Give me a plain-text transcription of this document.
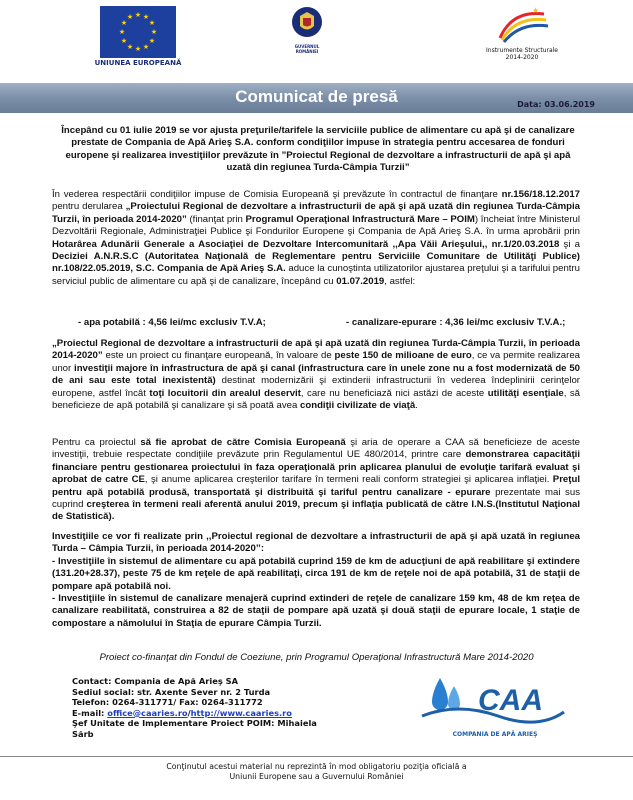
★ ★
★
★
★
★
★
★
★
★
★
★
UNIUNEA EUROPEANĂ
GUVERNUL
ROMÂNIEI
★
Instrumente Structurale
2014-2020
Comunicat de presă	Data: 03.06.2019
Începând cu 01 iulie 2019 se vor ajusta preţurile/tarifele la serviciile publice de alimentare cu apă şi de canalizare prestate de Compania de Apă Arieş S.A. conform condiţiilor impuse în strategia pentru accesarea de fonduri europene şi realizarea investiţiilor prevăzute în ”Proiectul Regional de dezvoltare a infrastructurii de apă şi apă uzată din regiunea Turda-Câmpia Turzii”
În vederea respectării condiţiilor impuse de Comisia Europeană şi prevăzute în contractul de finanţare nr.156/18.12.2017 pentru derularea „Proiectului Regional de dezvoltare a infrastructurii de apă şi apă uzată din regiunea Turda-Câmpia Turzii, în perioada 2014-2020” (finanţat prin Programul Operaţional Infrastructură Mare – POIM) încheiat între Ministerul Dezvoltării Regionale, Administraţiei Publice şi Fondurilor Europene şi Compania de Apă Arieş S.A. în urma aprobării prin Hotarârea Adunării Generale a Asociaţiei de Dezvoltare Intercomunitară ,,Apa Văii Arieşului,, nr.1/20.03.2018 şi a Deciziei A.N.R.S.C (Autoritatea Naţională de Reglementare pentru Serviciile Comunitare de Utilităţi Publice) nr.108/22.05.2019, S.C. Compania de Apă Arieş S.A. aduce la cunoştinta utilizatorilor ajustarea preţului şi a tarifului pentru serviciul public de alimentare cu apă şi de canalizare, începând cu 01.07.2019, astfel:
- apa potabilă : 4,56 lei/mc exclusiv T.V.A;	- canalizare-epurare : 4,36 lei/mc exclusiv T.V.A.;
„Proiectul Regional de dezvoltare a infrastructurii de apă şi apă uzată din regiunea Turda-Câmpia Turzii, în perioada 2014-2020” este un proiect cu finanţare europeană, în valoare de peste 150 de milioane de euro, ce va permite realizarea unor investiţii majore în infrastructura de apă şi canal (infrastructura care în unele zone nu a fost modernizată de 50 de ani sau este total inexistentă) destinat modernizării şi extinderii infrastructurii în vederea îndeplinirii cerinţelor europene, astfel încât toţi locuitorii din arealul deservit, care nu beneficiază nici astăzi de aceste utilităţi esenţiale, să beneficieze de apă potabilă şi canalizare şi să poată avea condiţii civilizate de viaţă.
Pentru ca proiectul să fie aprobat de către Comisia Europeană şi aria de operare a CAA să beneficieze de aceste investiţii, trebuie respectate condiţiile prevăzute prin Regulamentul UE 480/2014, printre care demonstrarea capacităţii financiare pentru gestionarea proiectului în faza operaţională prin aplicarea planului de evoluţie tarifară evaluat şi aprobat de catre CE, şi anume aplicarea creşterilor tarifare în termeni reali conform strategiei şi aplicarea inflaţiei. Preţul pentru apă potabilă produsă, transportată şi distribuită şi tariful pentru canalizare - epurare prezentate mai sus cuprind creşterea în termeni reali aferentă anului 2019, precum şi inflaţia publicată de către I.N.S.(Institutul Naţional de Statistică).
Investiţiile ce vor fi realizate prin ,,Proiectul regional de dezvoltare a infrastructurii de apă şi apă uzată în regiunea Turda – Câmpia Turzii, în perioada 2014-2020’’:
- Investiţiile în sistemul de alimentare cu apă potabilă cuprind 159 de km de aducţiuni de apă reabilitare şi extindere (131.20+28.37), peste 75 de km reţele de apă reabilitaţi, circa 191 de km de reţele noi de apă potabilă, 31 de staţii de pompare apă potabilă noi.
- Investiţiile în sistemul de canalizare menajeră cuprind extinderi de reţele de canalizare 159 km, 48 de km reţea de canalizare reabilitată, construirea a 82 de staţii de pompare apă uzată şi două staţii de epurare locale, 1 staţie de compostare a nămolului în Staţia de epurare Câmpia Turzii.
Proiect co-finanţat din Fondul de Coeziune, prin Programul Operaţional Infrastructură Mare 2014-2020
Contact: Compania de Apă Arieş SA
Sediul social: str. Axente Sever nr. 2 Turda
Telefon: 0264-311771/ Fax: 0264-311772
E-mail: office@caaries.ro/http://www.caaries.ro
Şef Unitate de Implementare Proiect POIM: Mihaiela Sărb
CAA
COMPANIA DE APĂ ARIEŞ
Conţinutul acestui material nu reprezintă în mod obligatoriu poziţia oficială a
Uniunii Europene sau a Guvernului României
